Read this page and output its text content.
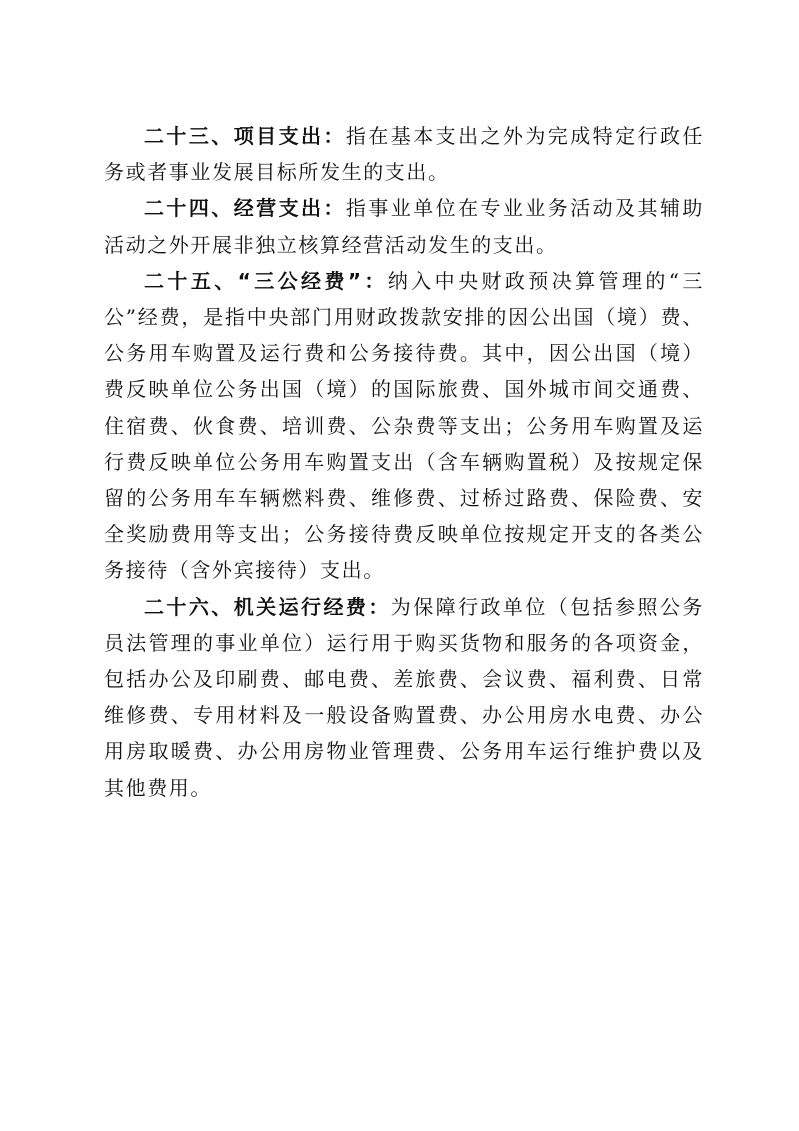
二十三、项目支出：指在基本支出之外为完成特定行政任务或者事业发展目标所发生的支出。

二十四、经营支出：指事业单位在专业业务活动及其辅助活动之外开展非独立核算经营活动发生的支出。

二十五、“三公经费”：纳入中央财政预决算管理的“三公”经费，是指中央部门用财政拨款安排的因公出国（境）费、公务用车购置及运行费和公务接待费。其中，因公出国（境）费反映单位公务出国（境）的国际旅费、国外城市间交通费、住宿费、伙食费、培训费、公杂费等支出；公务用车购置及运行费反映单位公务用车购置支出（含车辆购置税）及按规定保留的公务用车车辆燃料费、维修费、过桥过路费、保险费、安全奖励费用等支出；公务接待费反映单位按规定开支的各类公务接待（含外宾接待）支出。

二十六、机关运行经费：为保障行政单位（包括参照公务员法管理的事业单位）运行用于购买货物和服务的各项资金，包括办公及印刷费、邮电费、差旅费、会议费、福利费、日常维修费、专用材料及一般设备购置费、办公用房水电费、办公用房取暖费、办公用房物业管理费、公务用车运行维护费以及其他费用。
